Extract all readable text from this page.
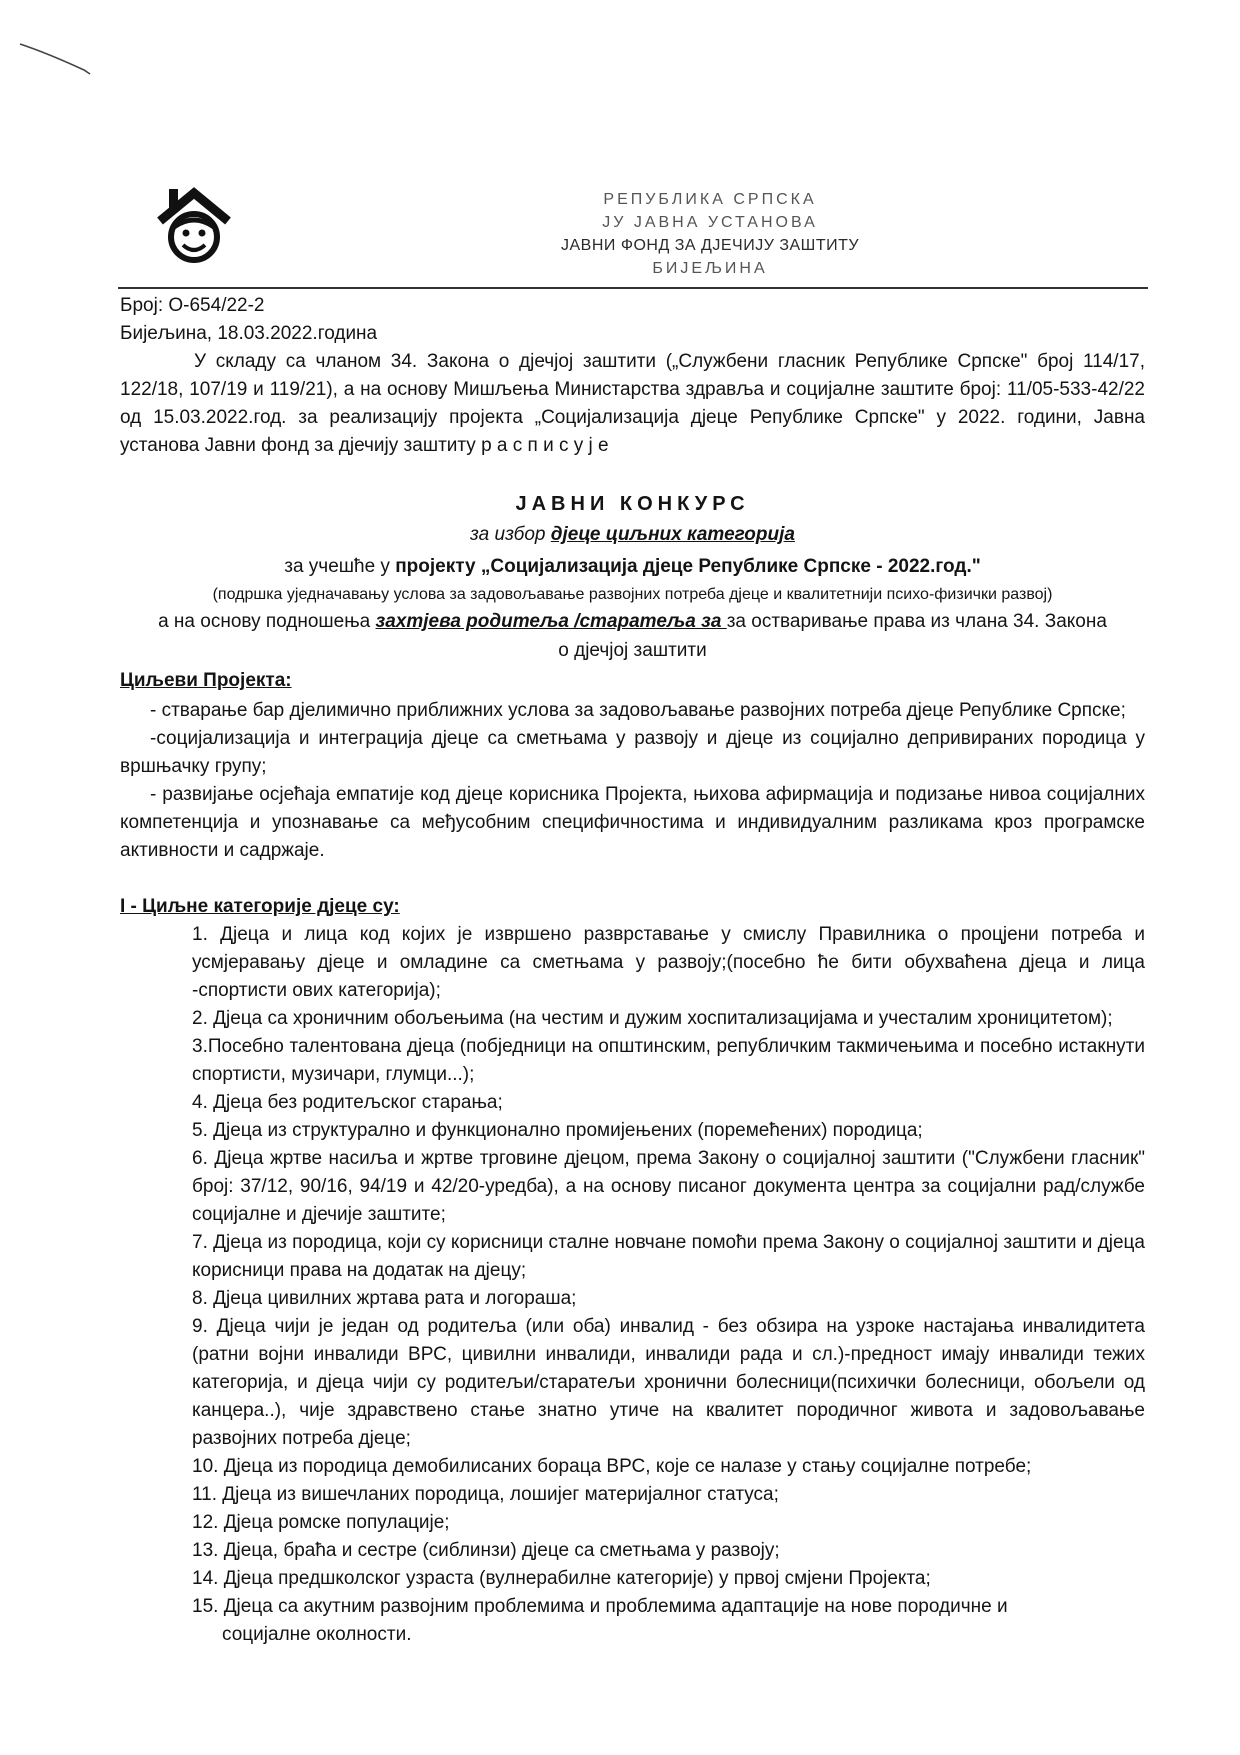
РЕПУБЛИКА СРПСКА
ЈУ ЈАВНА УСТАНОВА
ЈАВНИ ФОНД ЗА ДЈЕЧИЈУ ЗАШТИТУ
БИЈЕЉИНА
Број: О-654/22-2
Бијељина, 18.03.2022.година
У складу са чланом 34. Закона о дјечјој заштити („Службени гласник Републике Српске" број 114/17, 122/18, 107/19 и 119/21), а на основу Мишљења Министарства здравља и социјалне заштите број: 11/05-533-42/22 од 15.03.2022.год. за реализацију пројекта „Социјализација дјеце Републике Српске" у 2022. години, Јавна установа Јавни фонд за дјечију заштиту р а с п и с у ј е
ЈАВНИ КОНКУРС
за избор дјеце циљних категорија
за учешће у пројекту „Социјализација дјеце Републике Српске - 2022.год."
(подршка уједначавању услова за задовољавање развојних потреба дјеце и квалитетнији психо-физички развој)
а на основу подношења захтјева родитеља /старатеља за за остваривање права из члана 34. Закона
о дјечјој заштити
Циљеви Пројекта:

- стварање бар дјелимично приближних услова за задовољавање развојних потреба дјеце Републике Српске;

-социјализација и интеграција дјеце са сметњама у развоју и дјеце из социјално депривираних породица у вршњачку групу;

- развијање осјећаја емпатије код дјеце корисника Пројекта, њихова афирмација и подизање нивоа социјалних компетенција и упознавање са међусобним специфичностима и индивидуалним разликама кроз програмске активности и садржаје.

I - Циљне категорије дјеце су:
1. Дјеца и лица код којих је извршено разврставање у смислу Правилника о процјени потреба и усмјеравању дјеце и омладине са сметњама у развоју;(посебно ће бити обухваћена дјеца и лица -спортисти ових категорија);
2. Дјеца са хроничним обољењима (на честим и дужим хоспитализацијама и учесталим хроницитетом);
3.Посебно талентована дјеца (побједници на општинским, републичким такмичењима и посебно истакнути спортисти, музичари, глумци...);
4. Дјеца без родитељског старања;
5. Дјеца из структурално и функционално промијењених (поремећених) породица;
6. Дјеца жртве насиља и жртве трговине дјецом, према Закону о социјалној заштити ("Службени гласник" број: 37/12, 90/16, 94/19 и 42/20-уредба), а на основу писаног документа центра за социјални рад/службе социјалне и дјечије заштите;
7. Дјеца из породица, који су корисници сталне новчане помоћи према Закону о социјалној заштити и дјеца корисници права на додатак на дјецу;
8. Дјеца цивилних жртава рата и логораша;
9. Дјеца чији је један од родитеља (или оба) инвалид - без обзира на узроке настајања инвалидитета (ратни војни инвалиди ВРС, цивилни инвалиди, инвалиди рада и сл.)-предност имају инвалиди тежих категорија, и дјеца чији су родитељи/старатељи хронични болесници(психички болесници, обољели од канцера..), чије здравствено стање знатно утиче на квалитет породичног живота и задовољавање развојних потреба дјеце;
10. Дјеца из породица демобилисаних бораца ВРС, које се налазе у стању социјалне потребе;
11. Дјеца из вишечланих породица, лошијег материјалног статуса;
12. Дјеца ромске популације;
13. Дјеца, браћа и сестре (сиблинзи) дјеце са сметњама у развоју;
14. Дјеца предшколског узраста (вулнерабилне категорије) у првој смјени Пројекта;
15. Дјеца са акутним развојним проблемима и проблемима адаптације на нове породичне и
социјалне околности.
